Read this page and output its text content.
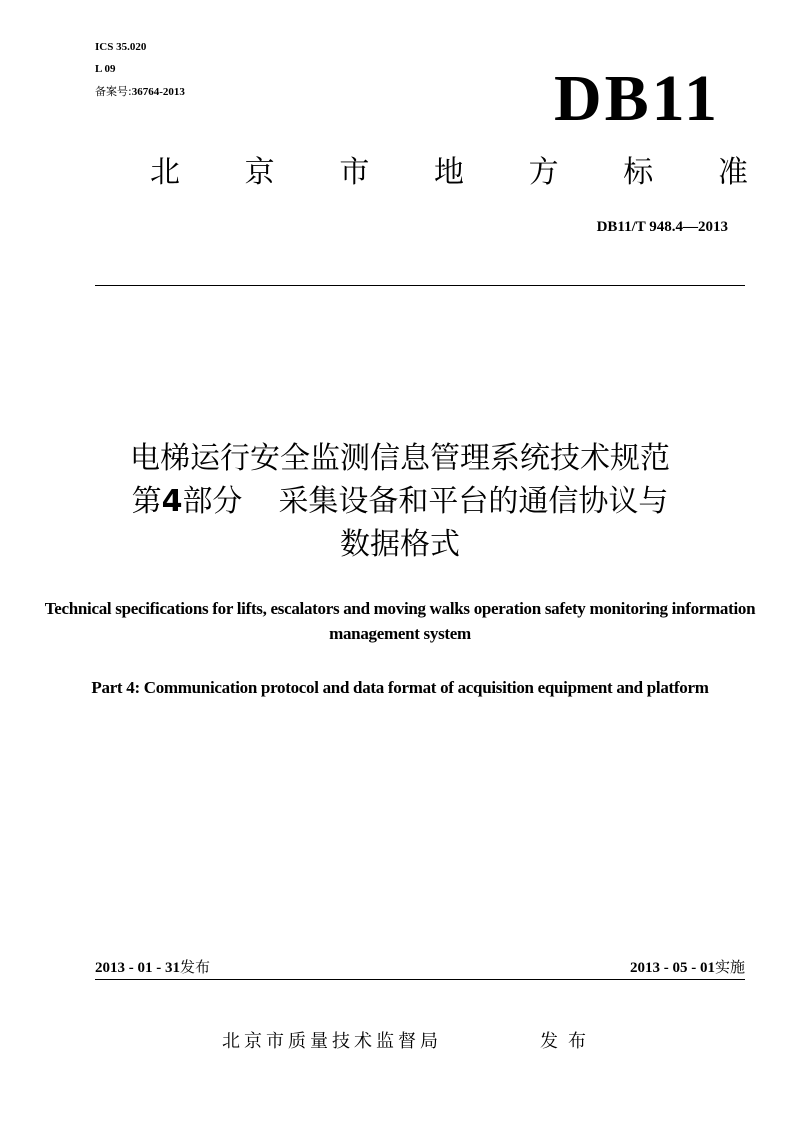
ICS 35.020
L 09
备案号:36764-2013	DB11
北 京 市 地 方 标 准
DB11/T 948.4—2013
电梯运行安全监测信息管理系统技术规范
第4部分 采集设备和平台的通信协议与
数据格式
Technical specifications for lifts, escalators and moving walks operation safety monitoring information management system
Part 4: Communication protocol and data format of acquisition equipment and platform
2013 - 01 - 31发布	2013 - 05 - 01实施
北京市质量技术监督局	发布
